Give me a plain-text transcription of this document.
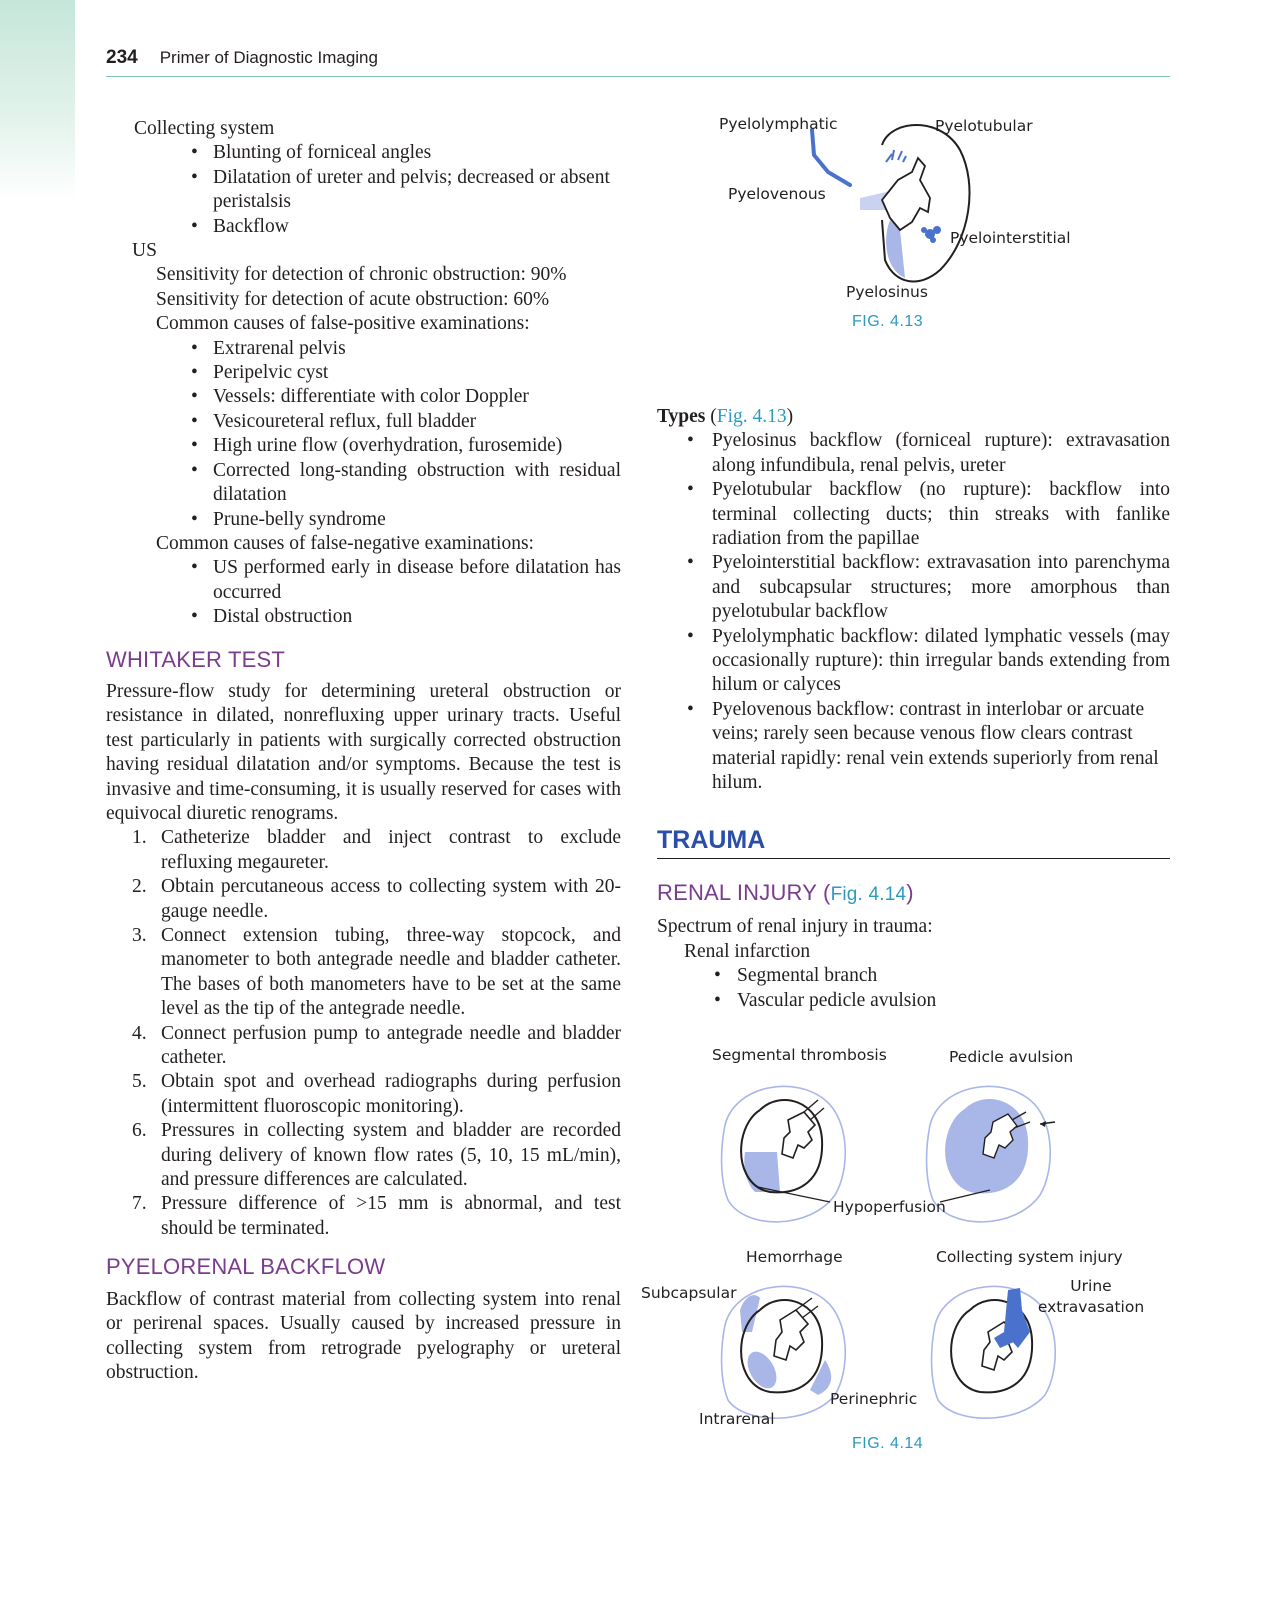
234 Primer of Diagnostic Imaging
Collecting system
• Blunting of forniceal angles
• Dilatation of ureter and pelvis; decreased or absent peristalsis
• Backflow
US
Sensitivity for detection of chronic obstruction: 90%
Sensitivity for detection of acute obstruction: 60%
Common causes of false-positive examinations:
• Extrarenal pelvis
• Peripelvic cyst
• Vessels: differentiate with color Doppler
• Vesicoureteral reflux, full bladder
• High urine flow (overhydration, furosemide)
• Corrected long-standing obstruction with residual dilatation
• Prune-belly syndrome
Common causes of false-negative examinations:
• US performed early in disease before dilatation has occurred
• Distal obstruction
WHITAKER TEST

Pressure-flow study for determining ureteral obstruction or resistance in dilated, nonrefluxing upper urinary tracts. Useful test particularly in patients with surgically corrected obstruction having residual dilatation and/or symptoms. Because the test is invasive and time-consuming, it is usually reserved for cases with equivocal diuretic renograms.

1. Catheterize bladder and inject contrast to exclude refluxing megaureter.
2. Obtain percutaneous access to collecting system with 20-gauge needle.
3. Connect extension tubing, three-way stopcock, and manometer to both antegrade needle and bladder catheter. The bases of both manometers have to be set at the same level as the tip of the antegrade needle.
4. Connect perfusion pump to antegrade needle and bladder catheter.
5. Obtain spot and overhead radiographs during perfusion (intermittent fluoroscopic monitoring).
6. Pressures in collecting system and bladder are recorded during delivery of known flow rates (5, 10, 15 mL/min), and pressure differences are calculated.
7. Pressure difference of >15 mm is abnormal, and test should be terminated.
PYELORENAL BACKFLOW

Backflow of contrast material from collecting system into renal or perirenal spaces. Usually caused by increased pressure in collecting system from retrograde pyelography or ureteral obstruction.

Types (Fig. 4.13)
• Pyelosinus backflow (forniceal rupture): extravasation along infundibula, renal pelvis, ureter
• Pyelotubular backflow (no rupture): backflow into terminal collecting ducts; thin streaks with fanlike radiation from the papillae
• Pyelointerstitial backflow: extravasation into parenchyma and subcapsular structures; more amorphous than pyelotubular backflow
• Pyelolymphatic backflow: dilated lymphatic vessels (may occasionally rupture): thin irregular bands extending from hilum or calyces
• Pyelovenous backflow: contrast in interlobar or arcuate veins; rarely seen because venous flow clears contrast material rapidly: renal vein extends superiorly from renal hilum.
TRAUMA
RENAL INJURY (Fig. 4.14)
Spectrum of renal injury in trauma:
Renal infarction
• Segmental branch
• Vascular pedicle avulsion
Pyelolymphatic	Pyelotubular
Pyelovenous
Pyelointerstitial
Pyelosinus
FIG. 4.13
Segmental thrombosis	Pedicle avulsion
Hypoperfusion
Hemorrhage	Collecting system injury
Subcapsular	Urine extravasation
Perinephric
Intrarenal
FIG. 4.14
